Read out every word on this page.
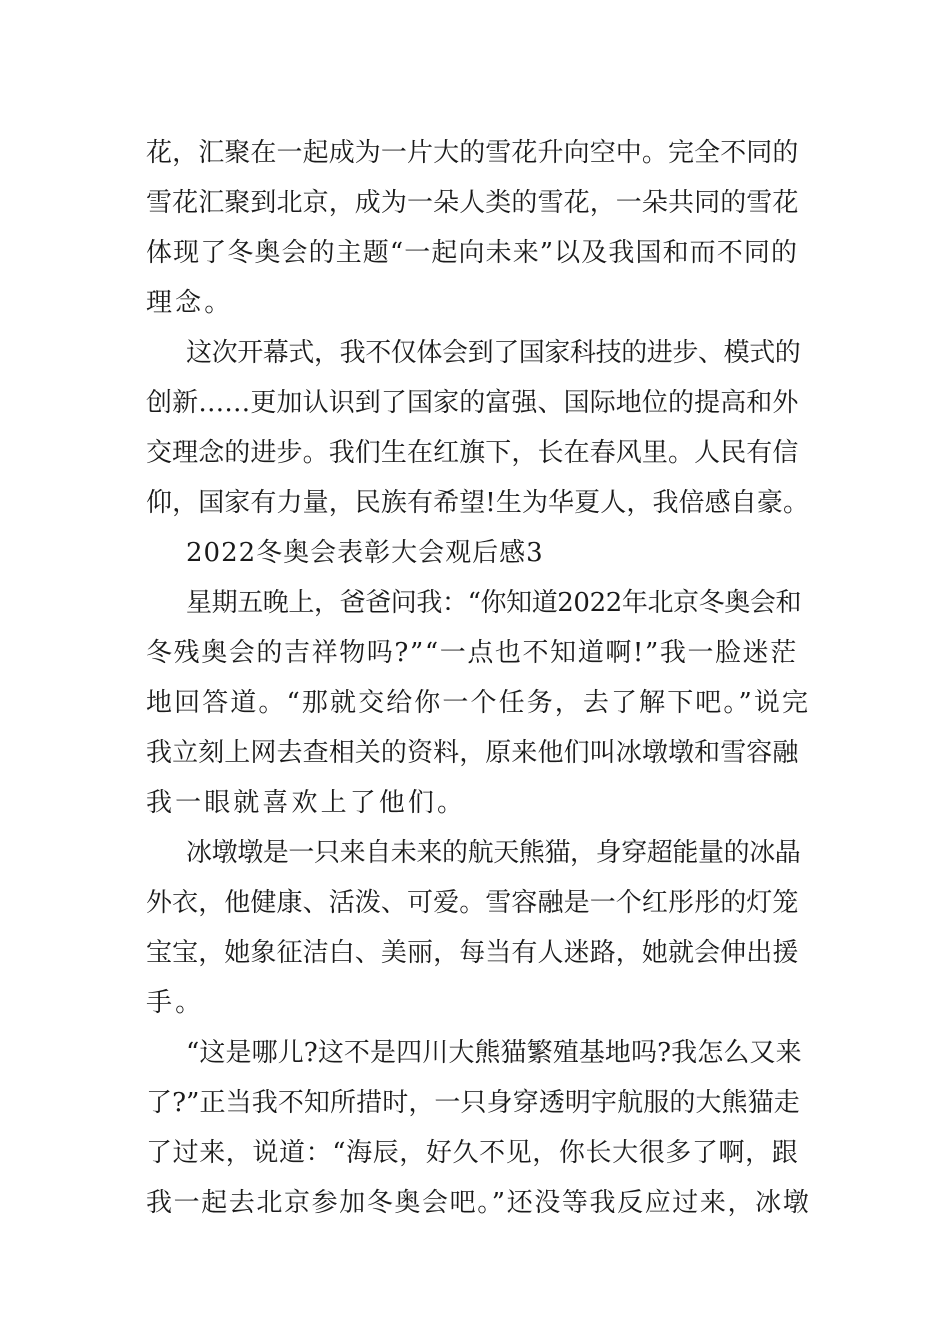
花，汇聚在一起成为一片大的雪花升向空中。完全不同的
雪花汇聚到北京，成为一朵人类的雪花，一朵共同的雪花
体现了冬奥会的主题“一起向未来”以及我国和而不同的
理念。
这次开幕式，我不仅体会到了国家科技的进步、模式的
创新……更加认识到了国家的富强、国际地位的提高和外
交理念的进步。我们生在红旗下，长在春风里。人民有信
仰，国家有力量，民族有希望!生为华夏人，我倍感自豪。
2022冬奥会表彰大会观后感3
星期五晚上，爸爸问我：“你知道2022年北京冬奥会和
冬残奥会的吉祥物吗?”“一点也不知道啊!”我一脸迷茫
地回答道。“那就交给你一个任务，去了解下吧。”说完
我立刻上网去查相关的资料，原来他们叫冰墩墩和雪容融
我一眼就喜欢上了他们。
冰墩墩是一只来自未来的航天熊猫，身穿超能量的冰晶
外衣，他健康、活泼、可爱。雪容融是一个红彤彤的灯笼
宝宝，她象征洁白、美丽，每当有人迷路，她就会伸出援
手。
“这是哪儿?这不是四川大熊猫繁殖基地吗?我怎么又来
了?”正当我不知所措时，一只身穿透明宇航服的大熊猫走
了过来，说道：“海辰，好久不见，你长大很多了啊，跟
我一起去北京参加冬奥会吧。”还没等我反应过来，冰墩
